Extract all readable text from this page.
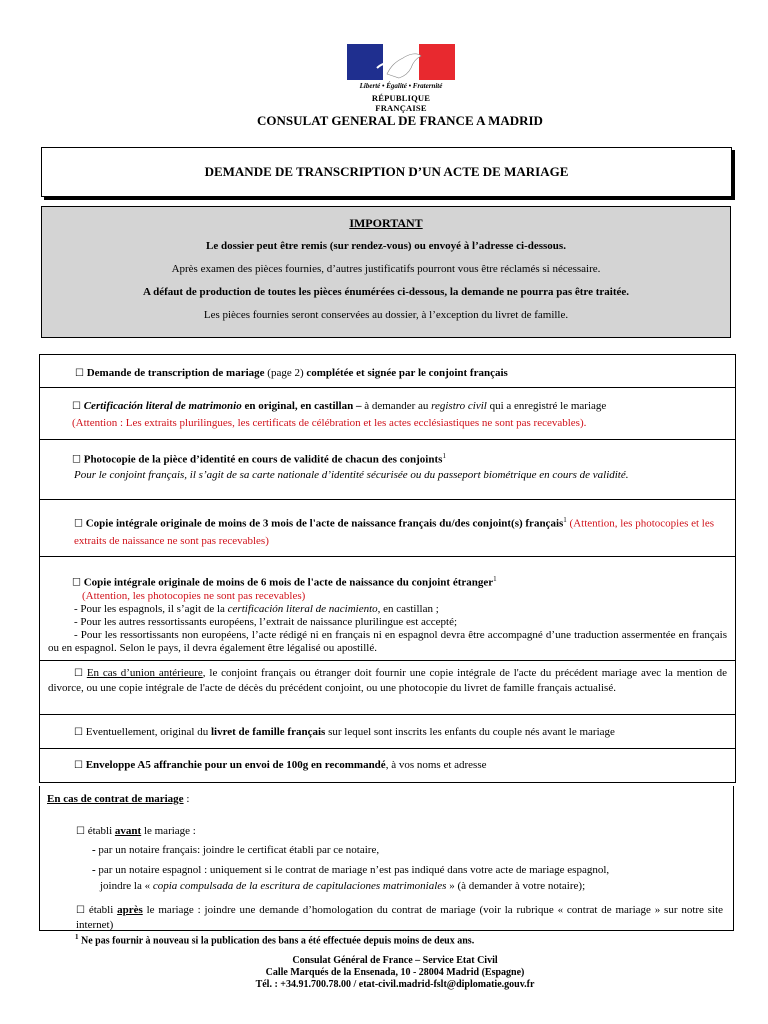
Liberté • Égalité • Fraternité
RÉPUBLIQUE FRANÇAISE
CONSULAT GENERAL DE FRANCE A MADRID
DEMANDE DE TRANSCRIPTION D’UN ACTE DE MARIAGE

IMPORTANT

Le dossier peut être remis (sur rendez-vous) ou envoyé à l’adresse ci-dessous.

Après examen des pièces fournies, d’autres justificatifs pourront vous être réclamés si nécessaire.

A défaut de production de toutes les pièces énumérées ci-dessous, la demande ne pourra pas être traitée.

Les pièces fournies seront conservées au dossier, à l’exception du livret de famille.

☐ Demande de transcription de mariage (page 2) complétée et signée par le conjoint français
☐ Certificación literal de matrimonio en original, en castillan – à demander au registro civil qui a enregistré le mariage
(Attention : Les extraits plurilingues, les certificats de célébration et les actes ecclésiastiques ne sont pas recevables).
☐ Photocopie de la pièce d’identité en cours de validité de chacun des conjoints$^1$
Pour le conjoint français, il s’agit de sa carte nationale d’identité sécurisée ou du passeport biométrique en cours de validité.
☐ Copie intégrale originale de moins de 3 mois de l'acte de naissance français du/des conjoint(s) français$^1$ (Attention, les photocopies et les extraits de naissance ne sont pas recevables)
☐ Copie intégrale originale de moins de 6 mois de l'acte de naissance du conjoint étranger$^1$
(Attention, les photocopies ne sont pas recevables)
- Pour les espagnols, il s’agit de la certificación literal de nacimiento, en castillan ;
- Pour les autres ressortissants européens, l’extrait de naissance plurilingue est accepté;
- Pour les ressortissants non européens, l’acte rédigé ni en français ni en espagnol devra être accompagné d’une traduction assermentée en français ou en espagnol. Selon le pays, il devra également être légalisé ou apostillé.
☐ En cas d’union antérieure, le conjoint français ou étranger doit fournir une copie intégrale de l'acte du précédent mariage avec la mention de divorce, ou une copie intégrale de l'acte de décès du précédent conjoint, ou une photocopie du livret de famille français actualisé.
☐ Eventuellement, original du livret de famille français sur lequel sont inscrits les enfants du couple nés avant le mariage
☐ Enveloppe A5 affranchie pour un envoi de 100g en recommandé, à vos noms et adresse
En cas de contrat de mariage :
☐ établi avant le mariage :
- par un notaire français: joindre le certificat établi par ce notaire,
- par un notaire espagnol : uniquement si le contrat de mariage n’est pas indiqué dans votre acte de mariage espagnol,
joindre la « copia compulsada de la escritura de capitulaciones matrimoniales » (à demander à votre notaire);
☐ établi après le mariage : joindre une demande d’homologation du contrat de mariage (voir la rubrique « contrat de mariage » sur notre site internet)
$^1$ Ne pas fournir à nouveau si la publication des bans a été effectuée depuis moins de deux ans.
Consulat Général de France – Service Etat Civil
Calle Marqués de la Ensenada, 10 - 28004 Madrid (Espagne)
Tél. : +34.91.700.78.00 / etat-civil.madrid-fslt@diplomatie.gouv.fr
